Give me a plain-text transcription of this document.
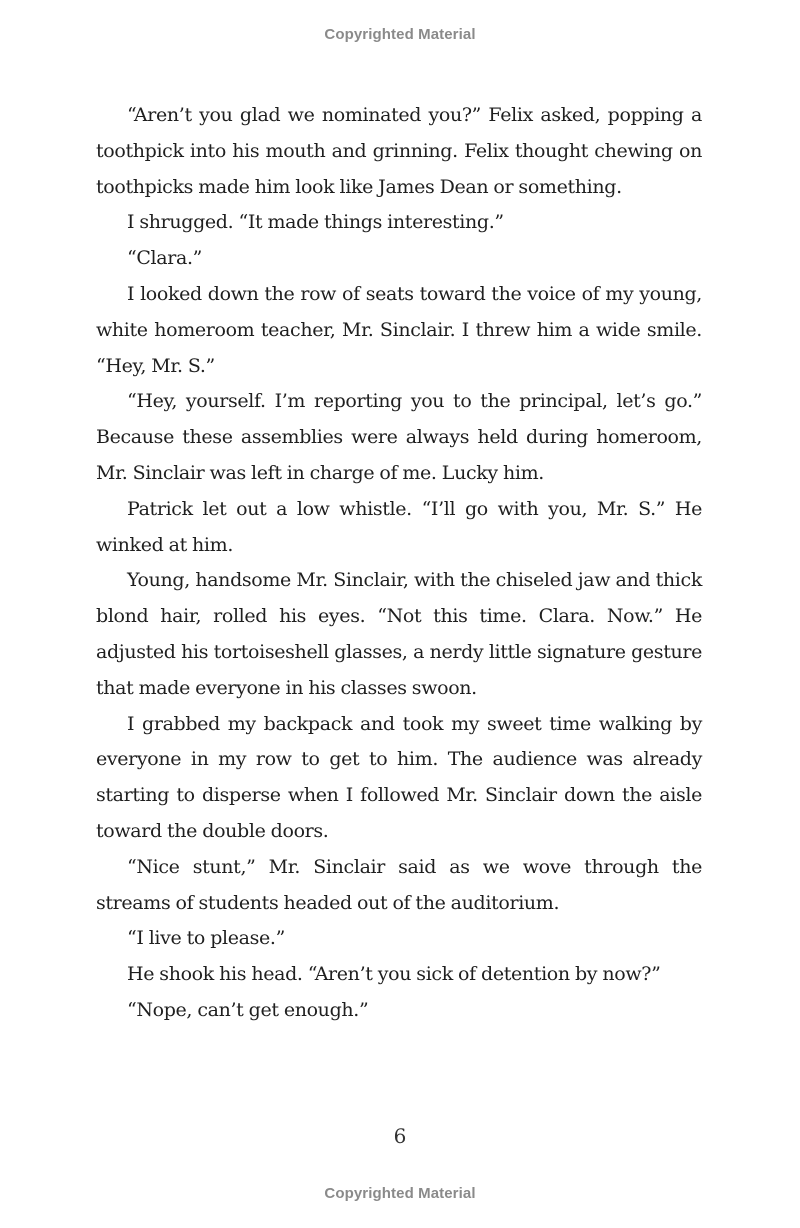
Copyrighted Material

“Aren’t you glad we nominated you?” Felix asked, popping a toothpick into his mouth and grinning. Felix thought chewing on toothpicks made him look like James Dean or something.

I shrugged. “It made things interesting.”

“Clara.”

I looked down the row of seats toward the voice of my young, white homeroom teacher, Mr. Sinclair. I threw him a wide smile. “Hey, Mr. S.”

“Hey, yourself. I’m reporting you to the principal, let’s go.” Because these assemblies were always held during homeroom, Mr. Sinclair was left in charge of me. Lucky him.

Patrick let out a low whistle. “I’ll go with you, Mr. S.” He winked at him.

Young, handsome Mr. Sinclair, with the chiseled jaw and thick blond hair, rolled his eyes. “Not this time. Clara. Now.” He adjusted his tortoiseshell glasses, a nerdy little signature gesture that made everyone in his classes swoon.

I grabbed my backpack and took my sweet time walking by everyone in my row to get to him. The audience was already starting to disperse when I followed Mr. Sinclair down the aisle toward the double doors.

“Nice stunt,” Mr. Sinclair said as we wove through the streams of students headed out of the auditorium.

“I live to please.”

He shook his head. “Aren’t you sick of detention by now?”

“Nope, can’t get enough.”

6
Copyrighted Material
